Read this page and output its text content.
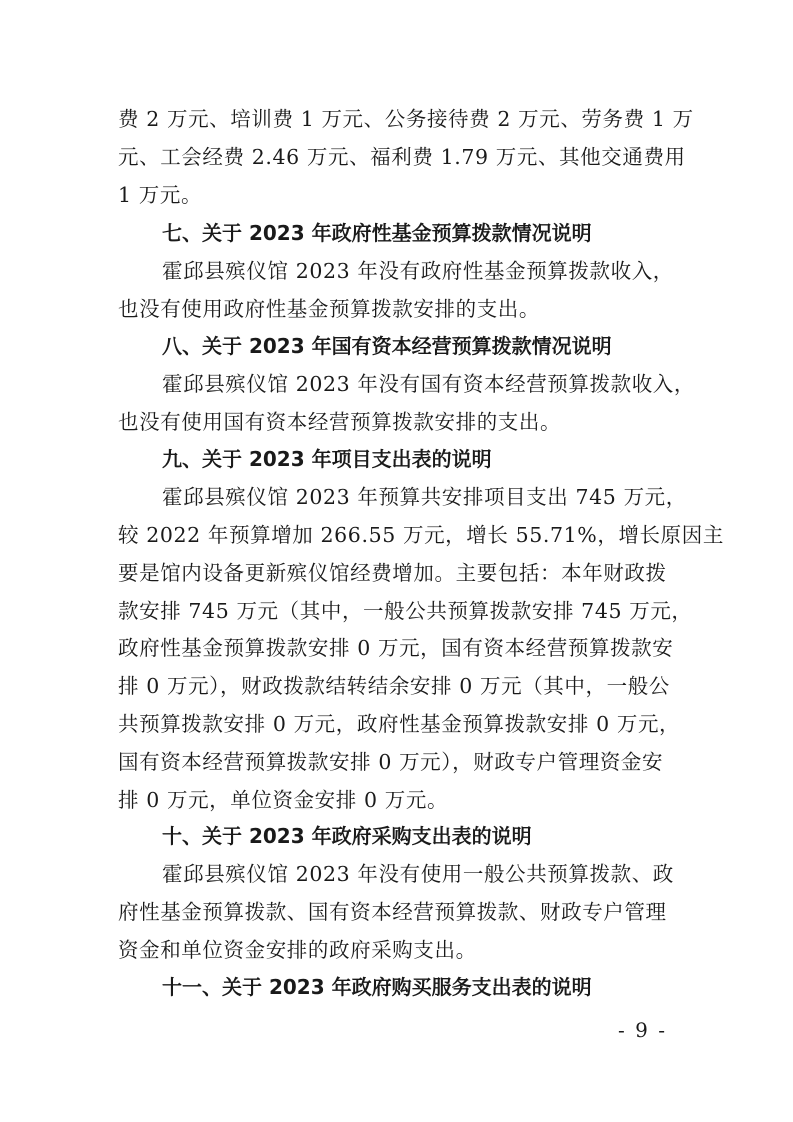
费 2 万元、培训费 1 万元、公务接待费 2 万元、劳务费 1 万
元、工会经费 2.46 万元、福利费 1.79 万元、其他交通费用
1 万元。
七、关于 2023 年政府性基金预算拨款情况说明
霍邱县殡仪馆 2023 年没有政府性基金预算拨款收入，
也没有使用政府性基金预算拨款安排的支出。
八、关于 2023 年国有资本经营预算拨款情况说明
霍邱县殡仪馆 2023 年没有国有资本经营预算拨款收入，
也没有使用国有资本经营预算拨款安排的支出。
九、关于 2023 年项目支出表的说明
霍邱县殡仪馆 2023 年预算共安排项目支出 745 万元，
较 2022 年预算增加 266.55 万元，增长 55.71%，增长原因主
要是馆内设备更新殡仪馆经费增加。主要包括：本年财政拨
款安排 745 万元（其中，一般公共预算拨款安排 745 万元，
政府性基金预算拨款安排 0 万元，国有资本经营预算拨款安
排 0 万元），财政拨款结转结余安排 0 万元（其中，一般公
共预算拨款安排 0 万元，政府性基金预算拨款安排 0 万元，
国有资本经营预算拨款安排 0 万元），财政专户管理资金安
排 0 万元，单位资金安排 0 万元。
十、关于 2023 年政府采购支出表的说明
霍邱县殡仪馆 2023 年没有使用一般公共预算拨款、政
府性基金预算拨款、国有资本经营预算拨款、财政专户管理
资金和单位资金安排的政府采购支出。
十一、关于 2023 年政府购买服务支出表的说明
- 9 -
